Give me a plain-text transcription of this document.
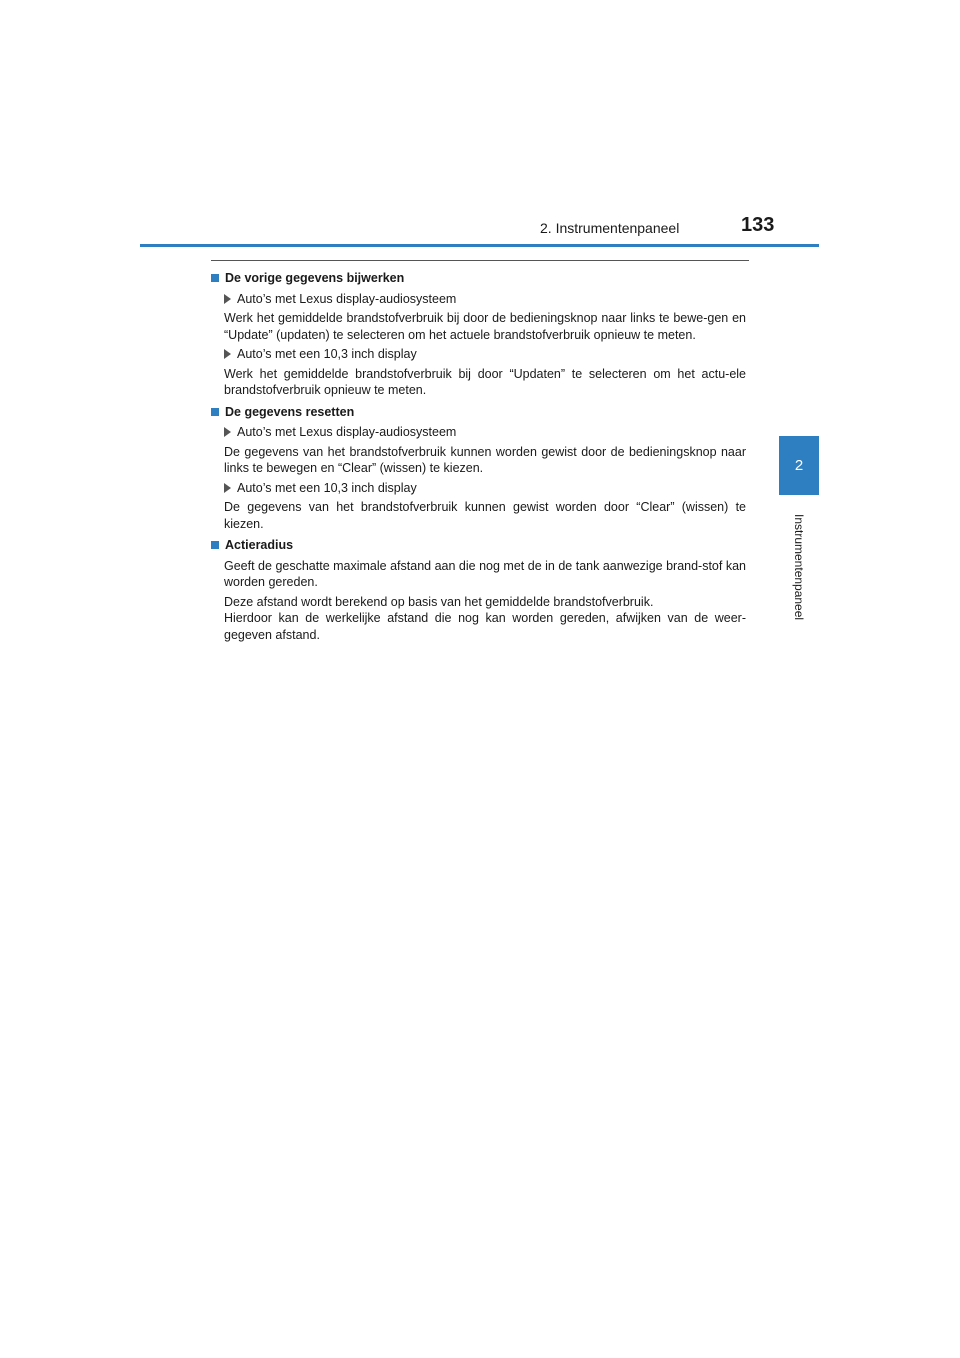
2. Instrumentenpaneel	133
2
Instrumentenpaneel
De vorige gegevens bijwerken
Auto’s met Lexus display-audiosysteem
Werk het gemiddelde brandstofverbruik bij door de bedieningsknop naar links te bewe-gen en “Update” (updaten) te selecteren om het actuele brandstofverbruik opnieuw te meten.
Auto’s met een 10,3 inch display
Werk het gemiddelde brandstofverbruik bij door “Updaten” te selecteren om het actu-ele brandstofverbruik opnieuw te meten.
De gegevens resetten
Auto’s met Lexus display-audiosysteem
De gegevens van het brandstofverbruik kunnen worden gewist door de bedieningsknop naar links te bewegen en “Clear” (wissen) te kiezen.
Auto’s met een 10,3 inch display
De gegevens van het brandstofverbruik kunnen gewist worden door “Clear” (wissen) te kiezen.
Actieradius
Geeft de geschatte maximale afstand aan die nog met de in de tank aanwezige brand-stof kan worden gereden.
Deze afstand wordt berekend op basis van het gemiddelde brandstofverbruik.
Hierdoor kan de werkelijke afstand die nog kan worden gereden, afwijken van de weer-gegeven afstand.
